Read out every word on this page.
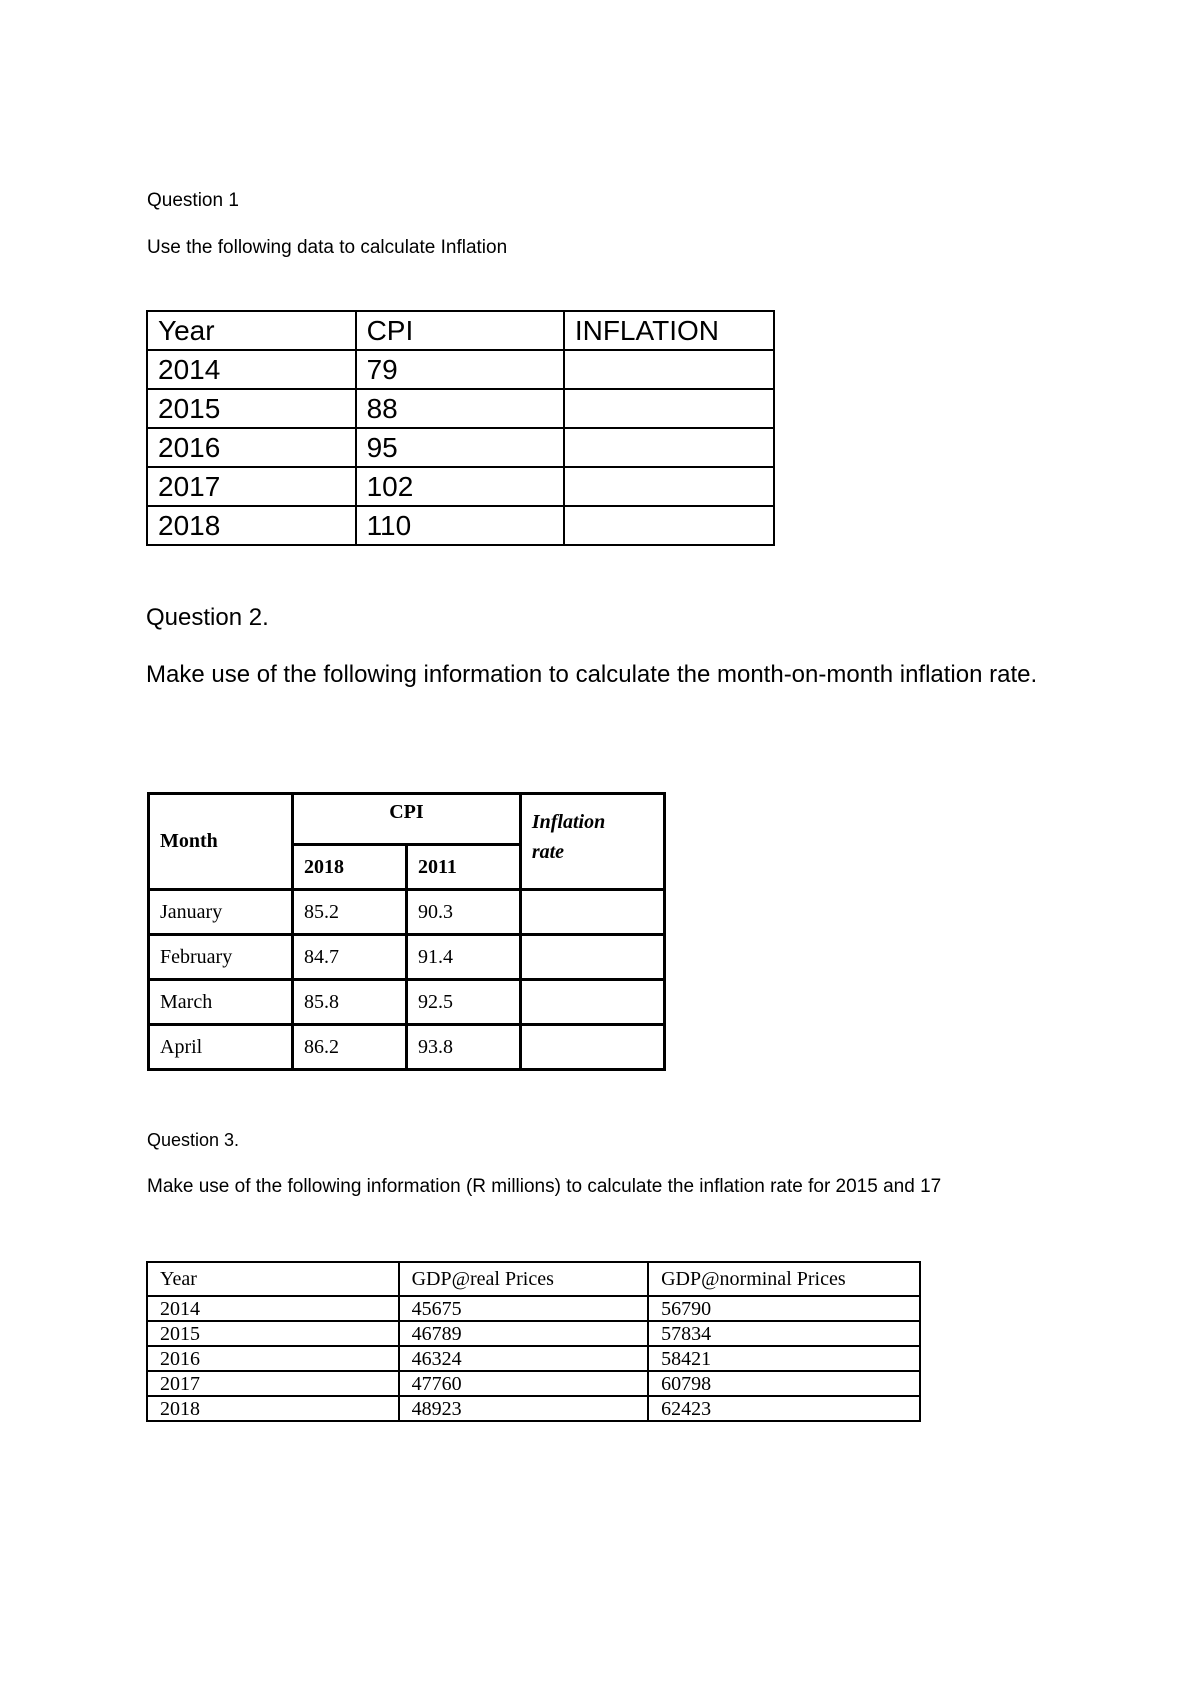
Question 1
Use the following data to calculate Inflation
Year	CPI	INFLATION
2014	79	
2015	88	
2016	95	
2017	102	
2018	110	
Question 2.
Make use of the following information to calculate the month-on-month inflation rate.
Month	CPI		Inflation
rate
	2018	2011	
January	85.2	90.3	
February	84.7	91.4	
March	85.8	92.5	
April	86.2	93.8	
Question 3.
Make use of the following information (R millions) to calculate the inflation rate for 2015 and 17
Year	GDP@real Prices	GDP@norminal Prices
2014	45675	56790
2015	46789	57834
2016	46324	58421
2017	47760	60798
2018	48923	62423
